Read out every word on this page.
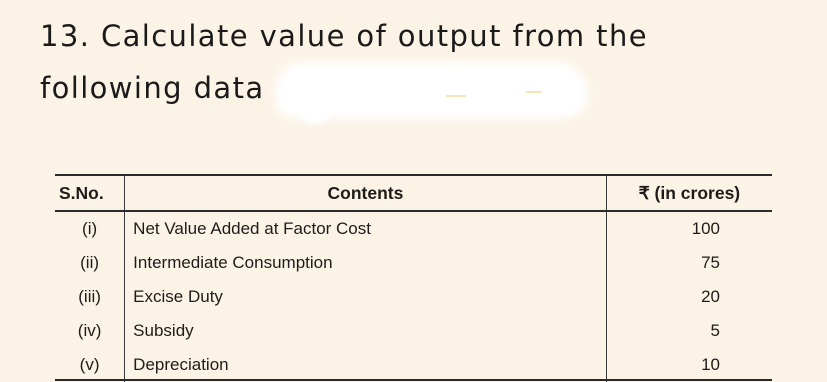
13. Calculate value of output from the
following data
S.No.	Contents	₹ (in crores)
(i)	Net Value Added at Factor Cost	100
(ii)	Intermediate Consumption	75
(iii)	Excise Duty	20
(iv)	Subsidy	5
(v)	Depreciation	10
